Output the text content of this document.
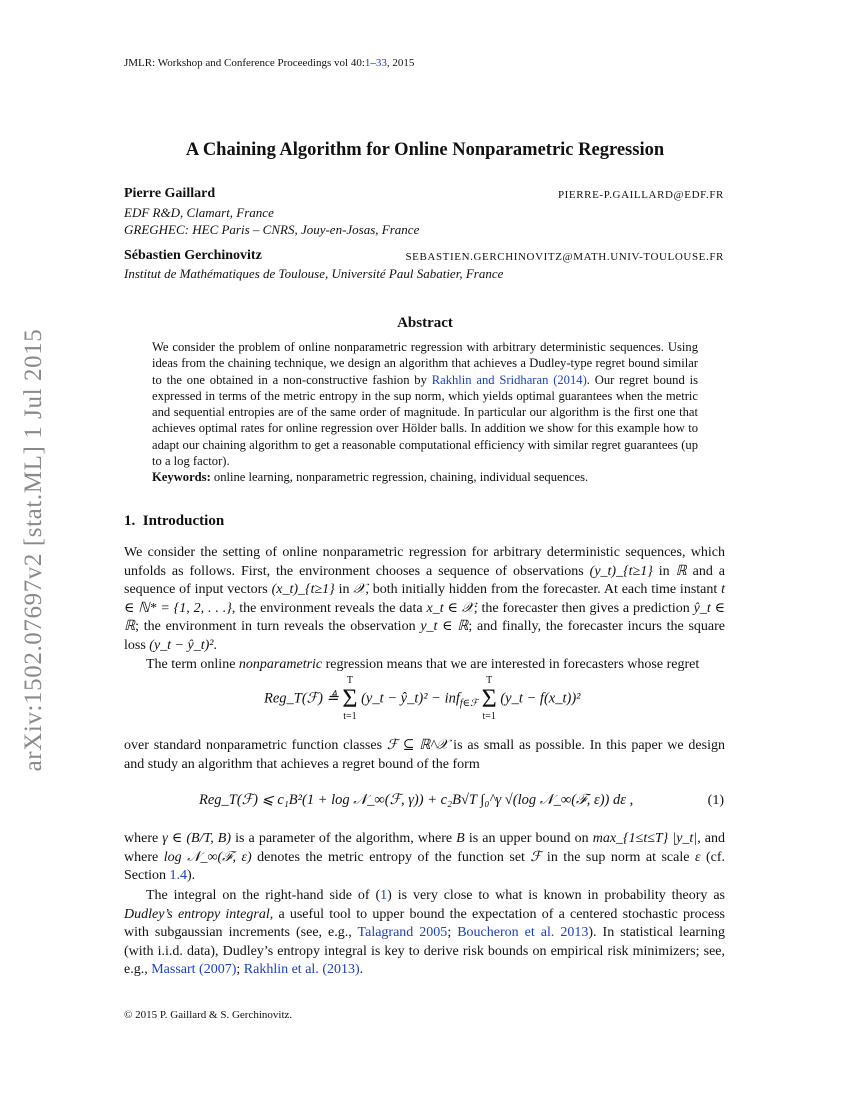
arXiv:1502.07697v2 [stat.ML] 1 Jul 2015
JMLR: Workshop and Conference Proceedings vol 40:1–33, 2015
A Chaining Algorithm for Online Nonparametric Regression
Pierre Gaillard	PIERRE-P.GAILLARD@EDF.FR
EDF R&D, Clamart, France
GREGHEC: HEC Paris – CNRS, Jouy-en-Josas, France
Sébastien Gerchinovitz	SEBASTIEN.GERCHINOVITZ@MATH.UNIV-TOULOUSE.FR
Institut de Mathématiques de Toulouse, Université Paul Sabatier, France
Abstract

We consider the problem of online nonparametric regression with arbitrary deterministic sequences. Using ideas from the chaining technique, we design an algorithm that achieves a Dudley-type regret bound similar to the one obtained in a non-constructive fashion by Rakhlin and Sridharan (2014). Our regret bound is expressed in terms of the metric entropy in the sup norm, which yields optimal guarantees when the metric and sequential entropies are of the same order of magnitude. In particular our algorithm is the first one that achieves optimal rates for online regression over Hölder balls. In addition we show for this example how to adapt our chaining algorithm to get a reasonable computational efficiency with similar regret guarantees (up to a log factor).

Keywords: online learning, nonparametric regression, chaining, individual sequences.

1. Introduction

We consider the setting of online nonparametric regression for arbitrary deterministic sequences, which unfolds as follows. First, the environment chooses a sequence of observations (y_t)_{t≥1} in ℝ and a sequence of input vectors (x_t)_{t≥1} in 𝒳, both initially hidden from the forecaster. At each time instant t ∈ ℕ* = {1, 2, . . .}, the environment reveals the data x_t ∈ 𝒳; the forecaster then gives a prediction ŷ_t ∈ ℝ; the environment in turn reveals the observation y_t ∈ ℝ; and finally, the forecaster incurs the square loss (y_t − ŷ_t)².

The term online nonparametric regression means that we are interested in forecasters whose regret

Reg_T(ℱ) ≜
T
Σ
t=1
(y_t − ŷ_t)² − inf$_{f\in ℱ}$
T
Σ
t=1
(y_t − f(x_t))²

over standard nonparametric function classes ℱ ⊆ ℝ^𝒳 is as small as possible. In this paper we design and study an algorithm that achieves a regret bound of the form

Reg_T(ℱ) ⩽ c₁B²(1 + log 𝒩_∞(ℱ, γ)) + c₂B√T ∫₀^γ √(log 𝒩_∞(ℱ, ε)) dε ,	(1)

where γ ∈ (B/T, B) is a parameter of the algorithm, where B is an upper bound on max_{1≤t≤T} |y_t|, and where log 𝒩_∞(ℱ, ε) denotes the metric entropy of the function set ℱ in the sup norm at scale ε (cf. Section 1.4).

The integral on the right-hand side of (1) is very close to what is known in probability theory as Dudley’s entropy integral, a useful tool to upper bound the expectation of a centered stochastic process with subgaussian increments (see, e.g., Talagrand 2005; Boucheron et al. 2013). In statistical learning (with i.i.d. data), Dudley’s entropy integral is key to derive risk bounds on empirical risk minimizers; see, e.g., Massart (2007); Rakhlin et al. (2013).

© 2015 P. Gaillard & S. Gerchinovitz.
